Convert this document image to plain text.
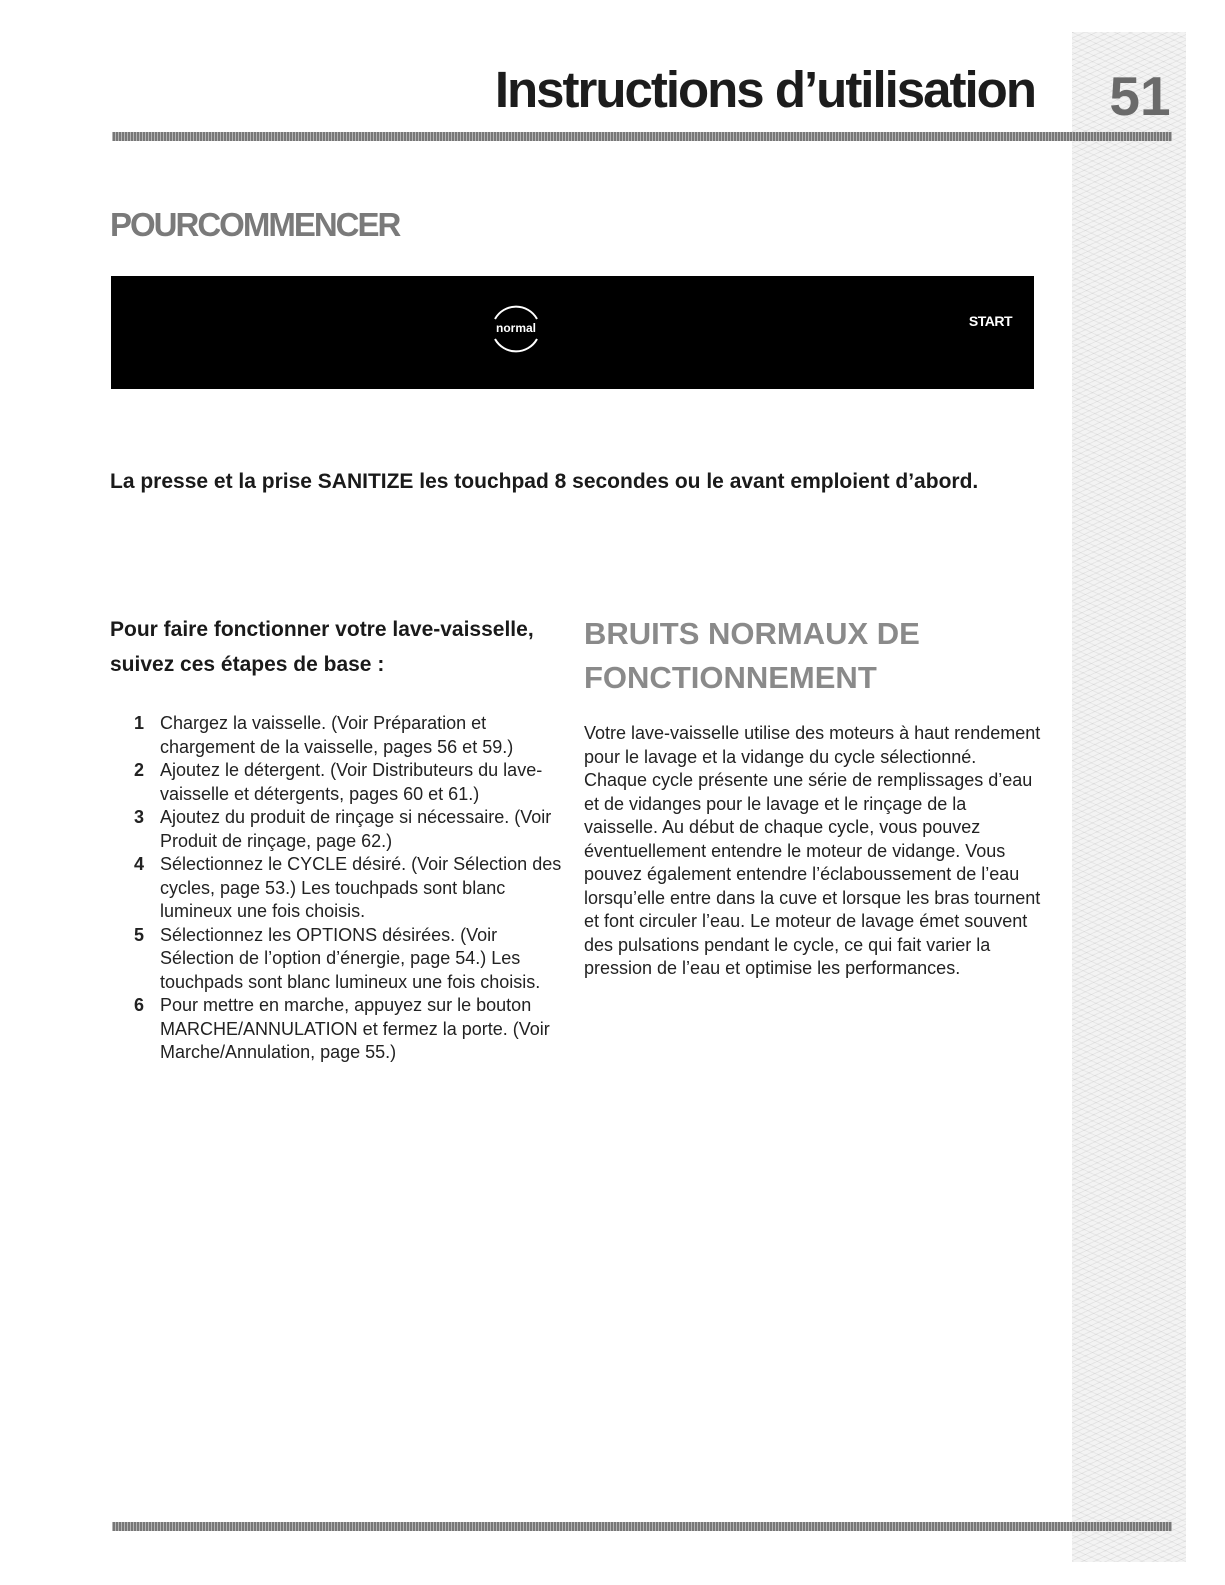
Instructions d’utilisation 51
POURCOMMENCER
normal	START

La presse et la prise SANITIZE les touchpad 8 secondes ou le avant emploient d’abord.

Pour faire fonctionner votre lave-vaisselle,
suivez ces étapes de base :

1 Chargez la vaisselle. (Voir Préparation et chargement de la vaisselle, pages 56 et 59.)
2 Ajoutez le détergent. (Voir Distributeurs du lave-vaisselle et détergents, pages 60 et 61.)
3 Ajoutez du produit de rinçage si nécessaire. (Voir Produit de rinçage, page 62.)
4 Sélectionnez le CYCLE désiré. (Voir Sélection des cycles, page 53.) Les touchpads sont blanc lumineux une fois choisis.
5 Sélectionnez les OPTIONS désirées. (Voir Sélection de l’option d’énergie, page 54.) Les touchpads sont blanc lumineux une fois choisis.
6 Pour mettre en marche, appuyez sur le bouton MARCHE/ANNULATION et fermez la porte. (Voir Marche/Annulation, page 55.)
BRUITS NORMAUX DE
FONCTIONNEMENT

Votre lave-vaisselle utilise des moteurs à haut rendement pour le lavage et la vidange du cycle sélectionné. Chaque cycle présente une série de remplissages d’eau et de vidanges pour le lavage et le rinçage de la vaisselle. Au début de chaque cycle, vous pouvez éventuellement entendre le moteur de vidange. Vous pouvez également entendre l’éclaboussement de l’eau lorsqu’elle entre dans la cuve et lorsque les bras tournent et font circuler l’eau. Le moteur de lavage émet souvent des pulsations pendant le cycle, ce qui fait varier la pression de l’eau et optimise les performances.
